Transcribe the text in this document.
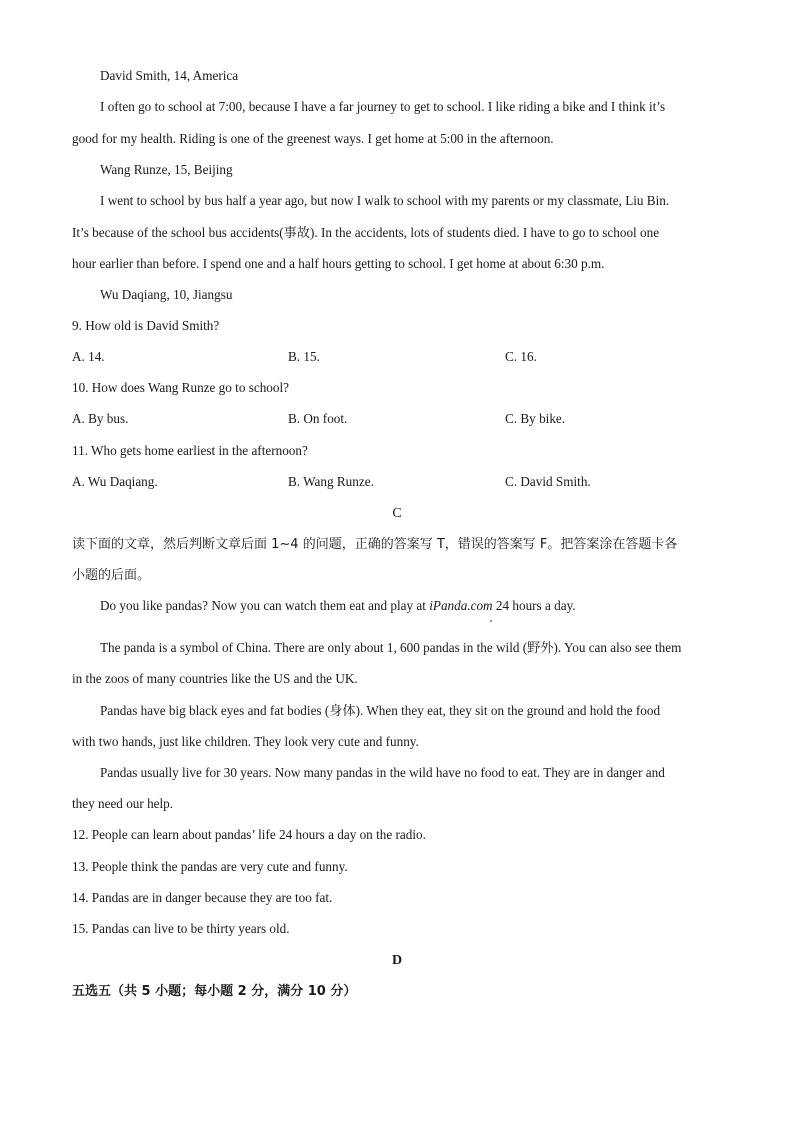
David Smith, 14, America
I often go to school at 7:00, because I have a far journey to get to school. I like riding a bike and I think it’s
good for my health. Riding is one of the greenest ways. I get home at 5:00 in the afternoon.
Wang Runze, 15, Beijing
I went to school by bus half a year ago, but now I walk to school with my parents or my classmate, Liu Bin.
It’s because of the school bus accidents(事故). In the accidents, lots of students died. I have to go to school one
hour earlier than before. I spend one and a half hours getting to school. I get home at about 6:30 p.m.
Wu Daqiang, 10, Jiangsu
9. How old is David Smith?
A. 14.	B. 15.	C. 16.
10. How does Wang Runze go to school?
A. By bus.	B. On foot.	C. By bike.
11. Who gets home earliest in the afternoon?
A. Wu Daqiang.	B. Wang Runze.	C. David Smith.
C
读下面的文章，然后判断文章后面 1~4 的问题，正确的答案写 T，错误的答案写 F。把答案涂在答题卡各
小题的后面。
Do you like pandas? Now you can watch them eat and play at iPanda.com 24 hours a day.
The panda is a symbol of China. There are only about 1, 600 pandas in the wild (野外). You can also see them
in the zoos of many countries like the US and the UK.
Pandas have big black eyes and fat bodies (身体). When they eat, they sit on the ground and hold the food
with two hands, just like children. They look very cute and funny.
Pandas usually live for 30 years. Now many pandas in the wild have no food to eat. They are in danger and
they need our help.
12. People can learn about pandas’ life 24 hours a day on the radio.
13. People think the pandas are very cute and funny.
14. Pandas are in danger because they are too fat.
15. Pandas can live to be thirty years old.
D
五选五（共 5 小题；每小题 2 分，满分 10 分）
